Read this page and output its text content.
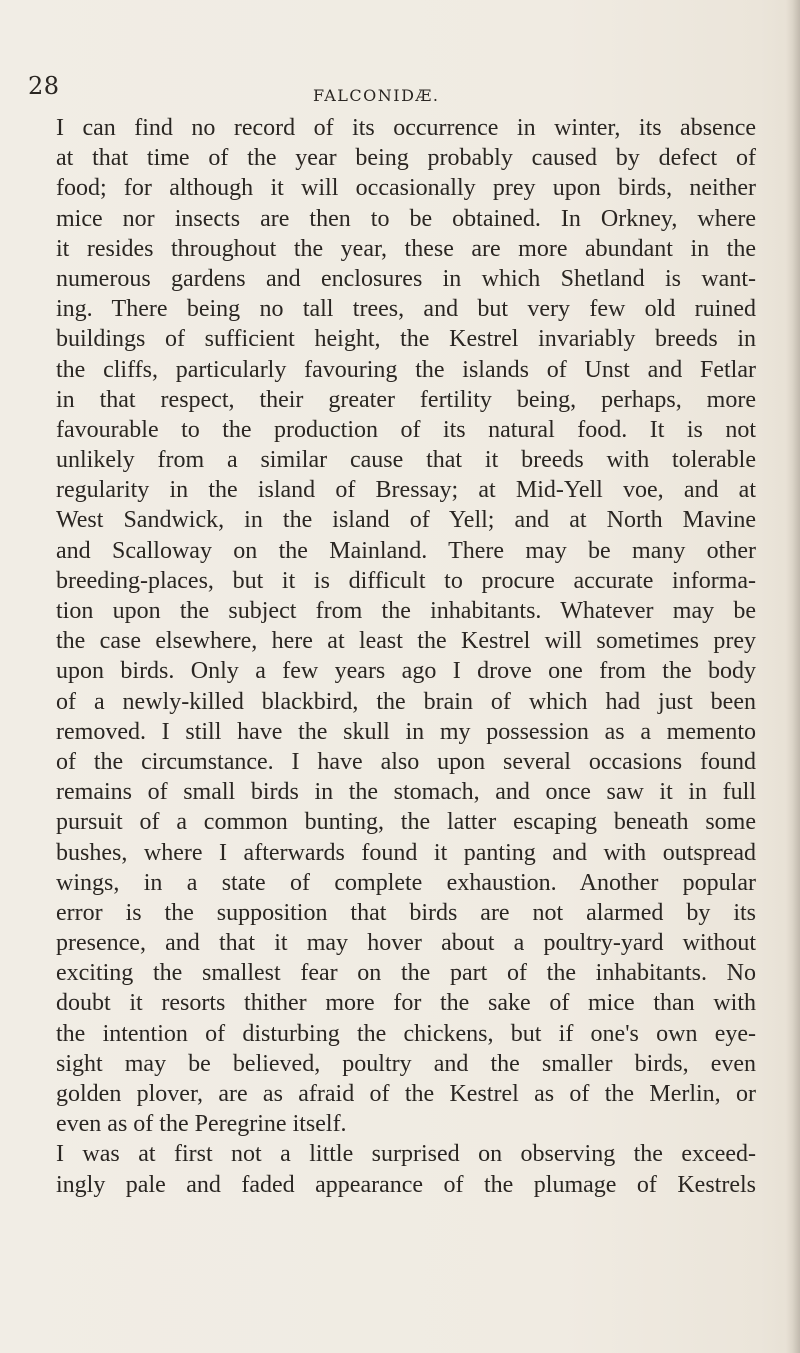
28	FALCONIDÆ.
I can find no record of its occurrence in winter, its absence
at that time of the year being probably caused by defect of
food; for although it will occasionally prey upon birds, neither
mice nor insects are then to be obtained. In Orkney, where
it resides throughout the year, these are more abundant in the
numerous gardens and enclosures in which Shetland is want-
ing. There being no tall trees, and but very few old ruined
buildings of sufficient height, the Kestrel invariably breeds in
the cliffs, particularly favouring the islands of Unst and Fetlar
in that respect, their greater fertility being, perhaps, more
favourable to the production of its natural food. It is not
unlikely from a similar cause that it breeds with tolerable
regularity in the island of Bressay; at Mid-Yell voe, and at
West Sandwick, in the island of Yell; and at North Mavine
and Scalloway on the Mainland. There may be many other
breeding-places, but it is difficult to procure accurate informa-
tion upon the subject from the inhabitants. Whatever may be
the case elsewhere, here at least the Kestrel will sometimes prey
upon birds. Only a few years ago I drove one from the body
of a newly-killed blackbird, the brain of which had just been
removed. I still have the skull in my possession as a memento
of the circumstance. I have also upon several occasions found
remains of small birds in the stomach, and once saw it in full
pursuit of a common bunting, the latter escaping beneath some
bushes, where I afterwards found it panting and with outspread
wings, in a state of complete exhaustion. Another popular
error is the supposition that birds are not alarmed by its
presence, and that it may hover about a poultry-yard without
exciting the smallest fear on the part of the inhabitants. No
doubt it resorts thither more for the sake of mice than with
the intention of disturbing the chickens, but if one's own eye-
sight may be believed, poultry and the smaller birds, even
golden plover, are as afraid of the Kestrel as of the Merlin, or
even as of the Peregrine itself.
I was at first not a little surprised on observing the exceed-
ingly pale and faded appearance of the plumage of Kestrels
